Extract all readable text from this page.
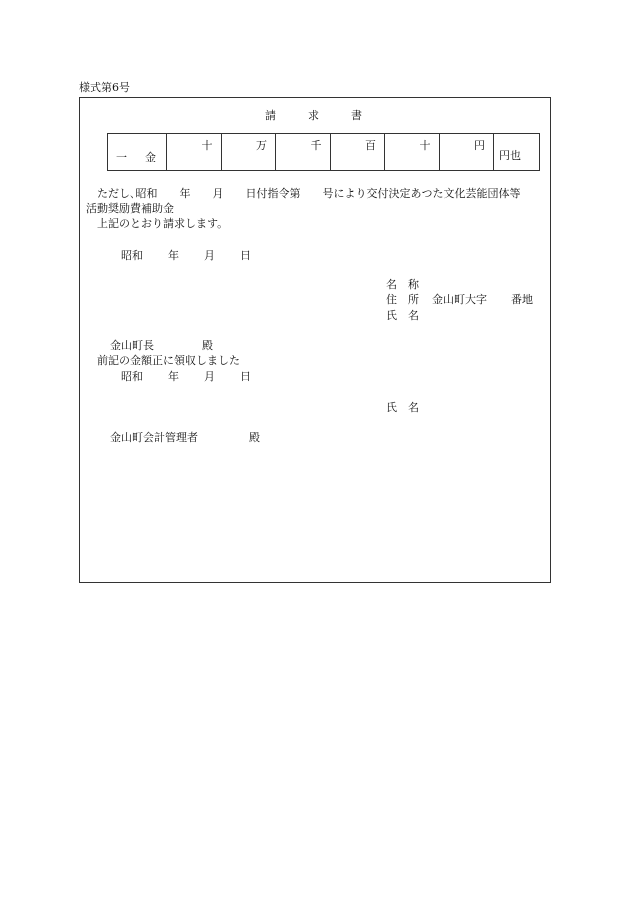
様式第6号
請	求	書
一 金	十	万	千	百	十	円	円也
ただし､昭和　　年　　月　　日付指令第　　号により交付決定あつた文化芸能団体等
活動奨励費補助金
上記のとおり請求します。
昭和 年 月 日
名　称
住　所 金山町大字 番地
氏　名
金山町長	殿
前記の金額正に領収しました
昭和 年 月 日
氏　名
金山町会計管理者	殿
